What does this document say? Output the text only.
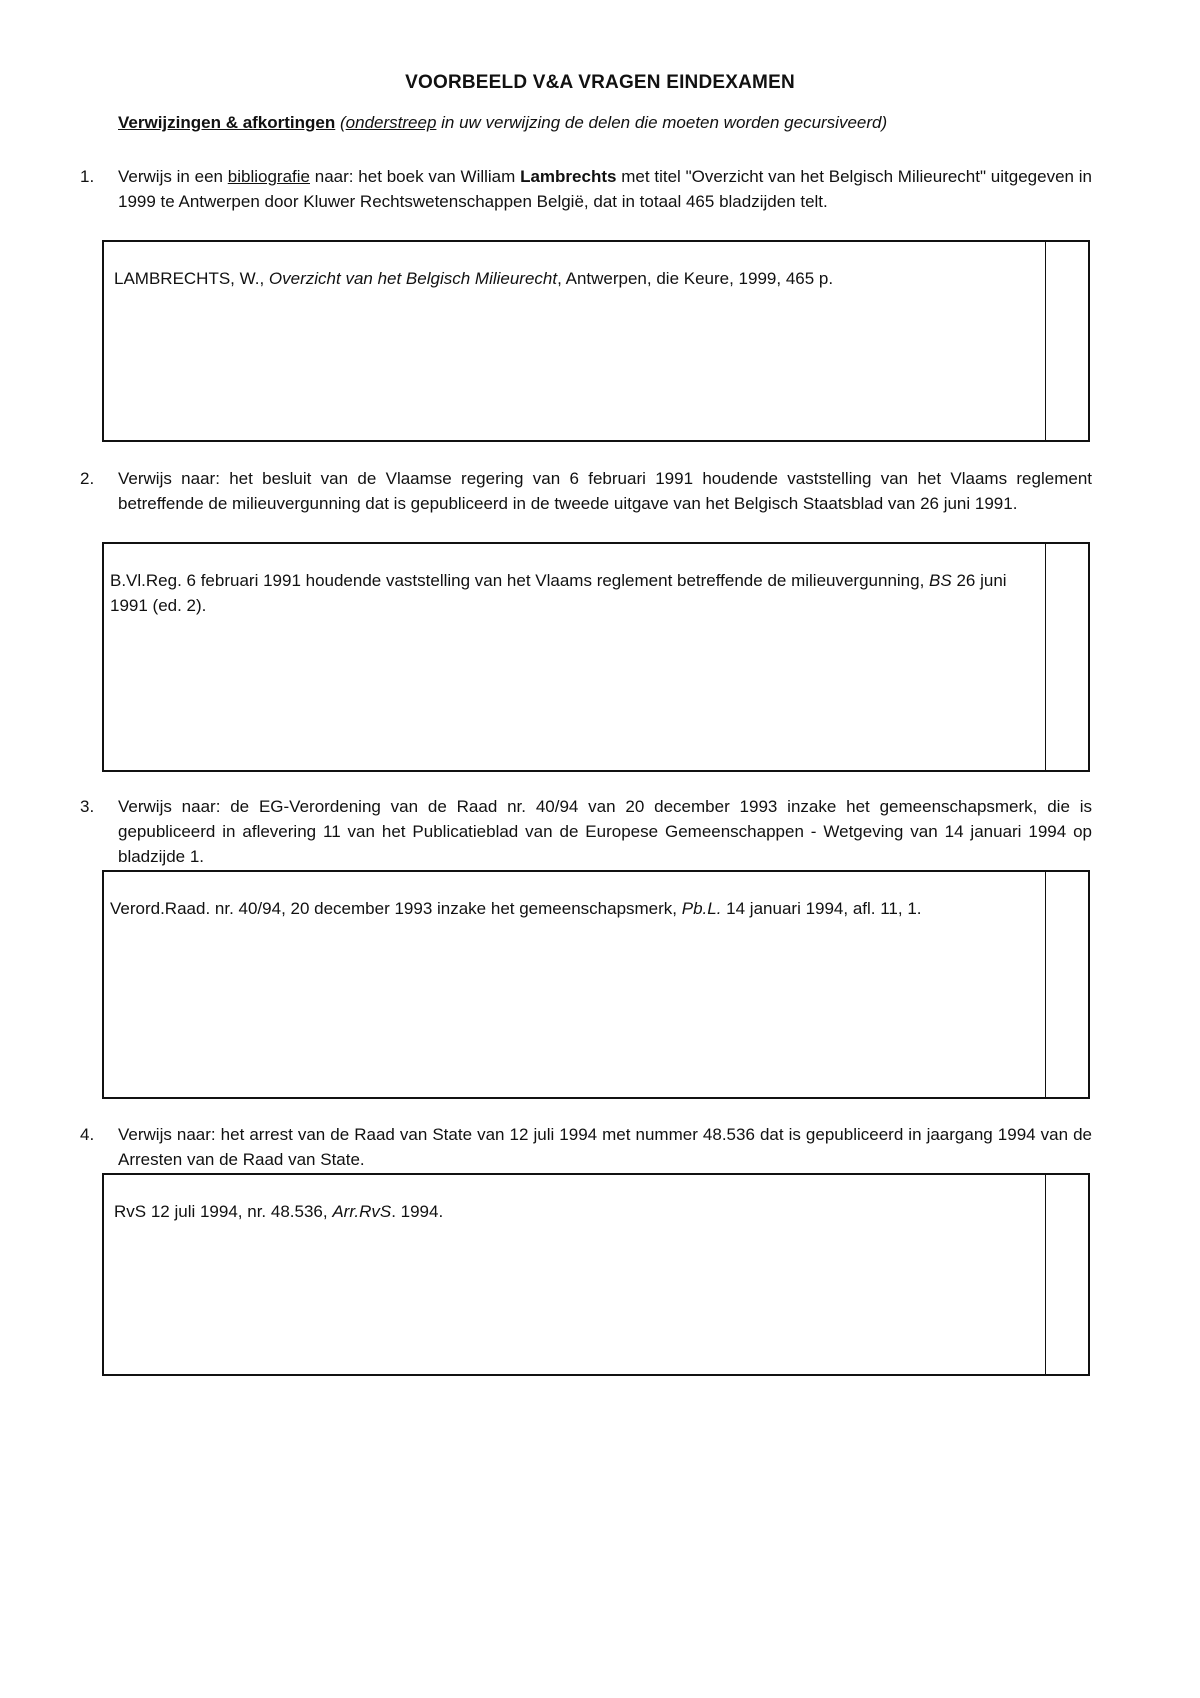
VOORBEELD V&A VRAGEN EINDEXAMEN
Verwijzingen & afkortingen (onderstreep in uw verwijzing de delen die moeten worden gecursiveerd)
1. Verwijs in een bibliografie naar: het boek van William Lambrechts met titel "Overzicht van het Belgisch Milieurecht" uitgegeven in 1999 te Antwerpen door Kluwer Rechtswetenschappen België, dat in totaal 465 bladzijden telt.
LAMBRECHTS, W., Overzicht van het Belgisch Milieurecht, Antwerpen, die Keure, 1999, 465 p.
2. Verwijs naar: het besluit van de Vlaamse regering van 6 februari 1991 houdende vaststelling van het Vlaams reglement betreffende de milieuvergunning dat is gepubliceerd in de tweede uitgave van het Belgisch Staatsblad van 26 juni 1991.
B.Vl.Reg. 6 februari 1991 houdende vaststelling van het Vlaams reglement betreffende de milieuvergunning, BS 26 juni 1991 (ed. 2).
3. Verwijs naar: de EG-Verordening van de Raad nr. 40/94 van 20 december 1993 inzake het gemeenschapsmerk, die is gepubliceerd in aflevering 11 van het Publicatieblad van de Europese Gemeenschappen - Wetgeving van 14 januari 1994 op bladzijde 1.
Verord.Raad. nr. 40/94, 20 december 1993 inzake het gemeenschapsmerk, Pb.L. 14 januari 1994, afl. 11, 1.
4. Verwijs naar: het arrest van de Raad van State van 12 juli 1994 met nummer 48.536 dat is gepubliceerd in jaargang 1994 van de Arresten van de Raad van State.
RvS 12 juli 1994, nr. 48.536, Arr.RvS. 1994.
